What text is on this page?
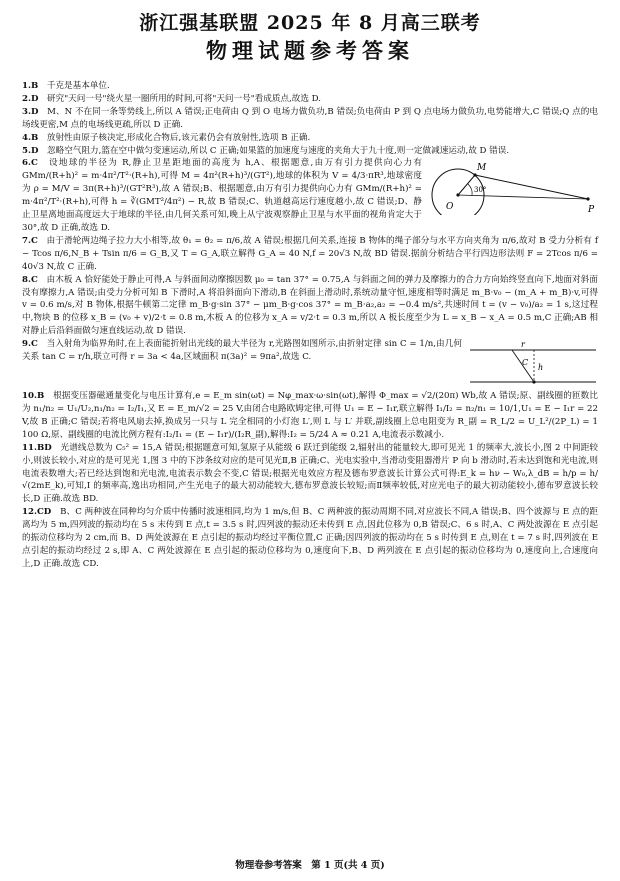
浙江强基联盟 2025 年 8 月高三联考
物理试题参考答案

1.B　 千克是基本单位.

2.D　 研究"天问一号"绕火星一圈所用的时间,可将"天问一号"看成质点,故选 D.

3.D　 M、N 不在同一条等势线上,所以 A 错误;正电荷由 Q 到 O 电场力做负功,B 错误;负电荷由 P 到 Q 点电场力做负功,电势能增大,C 错误;Q 点的电场线更密,M 点的电场线更疏,所以 D 正确.

4.B　 放射性由原子核决定,形成化合物后,该元素仍会有放射性,选项 B 正确.

5.D　 忽略空气阻力,篮在空中做匀变速运动,所以 C 正确;如果篮的加速度与速度的夹角大于九十度,则一定做减速运动,故 D 错误.

M
O	P
30°
6.C　 设地球的半径为 R,静止卫星距地面的高度为 h,A、根据题意,由万有引力提供向心力有 GMm/(R+h)² = m·4π²/T²·(R+h),可得 M = 4π²(R+h)³/(GT²),地球的体积为 V = 4/3·πR³,地球密度为 ρ = M/V = 3π(R+h)³/(GT²R³),故 A 错误;B、根据题意,由万有引力提供向心力有 GMm/(R+h)² = m·4π²/T²·(R+h),可得 h = ∛(GMT²/4π²) − R,故 B 错误;C、轨道越高运行速度越小,故 C 错误;D、静止卫星离地面高度远大于地球的半径,由几何关系可知,晚上从宁波观察静止卫星与水平面的视角肯定大于 30°,故 D 正确,故选 D.

7.C　 由于滑轮两边绳子拉力大小相等,故 θ₁ = θ₂ = π/6,故 A 错误;根据几何关系,连接 B 物体的绳子部分与水平方向夹角为 π/6,故对 B 受力分析有 f − Tcos π/6,N_B + Tsin π/6 = G_B,又 T = G_A,联立解得 G_A = 40 N,f = 20√3 N,故 BD 错误.据前分析结合平行四边形法则 F = 2Tcos π/6 = 40√3 N,故 C 正确.

8.C　 由木板 A 恰好能处于静止可得,A 与斜面间动摩擦因数 μ₀ = tan 37° = 0.75,A 与斜面之间的弹力及摩擦力的合力方向始终竖直向下,地面对斜面没有摩擦力,A 错误;由受力分析可知 B 下滑时,A 将沿斜面向下滑动,B 在斜面上滑动时,系统动量守恒,速度相等时满足 m_B·v₀ − (m_A + m_B)·v,可得 v = 0.6 m/s,对 B 物体,根据牛顿第二定律 m_B·g·sin 37° − μm_B·g·cos 37° = m_B·a₂,a₂ = −0.4 m/s²,共速时间 t = (v − v₀)/a₂ = 1 s,这过程中,物块 B 的位移 x_B = (v₀ + v)/2·t = 0.8 m,木板 A 的位移为 x_A = v/2·t = 0.3 m,所以 A 板长度至少为 L = x_B − x_A = 0.5 m,C 正确;AB 相对静止后沿斜面做匀速直线运动,故 D 错误.

r
C
h
9.C　 当入射角为临界角时,在上表面能折射出光线的最大半径为 r,光路图如图所示,由折射定律 sin C = 1/n,由几何关系 tan C = r/h,联立可得 r = 3a < 4a,区域面积 π(3a)² = 9πa²,故选 C.

10.B　 根据变压器磁通量变化与电压计算有,e = E_m sin(ωt) = Nφ_max·ω·sin(ωt),解得 Φ_max = √2/(20π) Wb,故 A 错误;原、副线圈的匝数比为 n₁/n₂ = U₁/U₂,n₁/n₂ = I₂/I₁,又 E = E_m/√2 = 25 V,由闭合电路欧姆定律,可得 U₁ = E − I₁r,联立解得 I₁/I₂ = n₂/n₁ = 10/1,U₁ = E − I₁r = 22 V,故 B 正确;C 错误;若将电风扇去掉,换成另一只与 L 完全相同的小灯泡 L′,则 L 与 L′ 并联,副线圈上总电阻变为 R_副 = R_L/2 = U_L²/(2P_L) = 1 100 Ω,原、副线圈的电流比例方程有:I₂/I₁ = (E − I₁r)/(I₂R_副),解得:I₂ = 5/24 A ≈ 0.21 A,电流表示数减小.

11.BD　 光谱线总数为 C₅² = 15,A 错误;根据题意可知,氢原子从能级 6 跃迁到能级 2,辐射出的能量较大,即可见光 1 的频率大,波长小,图 2 中间距较小,则波长较小,对应的是可见光 1,图 3 中的下涉条纹对应的是可见光Ⅱ,B 正确;C、光电实验中,当滑动变阻器滑片 P 向 b 滑动时,若未达到饱和光电流,则电流表数增大;若已经达到饱和光电流,电流表示数会不变,C 错误;根据光电效应方程及德布罗意波长计算公式可得:E_k = hν − W₀,λ_dB = h/p = h/√(2mE_k),可知,Ⅰ 的频率高,逸出功相同,产生光电子的最大初动能较大,德布罗意波长较短;而Ⅱ频率较低,对应光电子的最大初动能较小,德布罗意波长较长,D 正确.故选 BD.

12.CD　 B、C 两种波在同种均匀介质中传播时波速相同,均为 1 m/s,但 B、C 两种波的振动周期不同,对应波长不同,A 错误;B、四个波源与 E 点的距离均为 5 m,四列波的振动均在 5 s 末传到 E 点,t = 3.5 s 时,四列波的振动还未传到 E 点,因此位移为 0,B 错误;C、6 s 时,A、C 两处波源在 E 点引起的振动位移均为 2 cm,而 B、D 两处波源在 E 点引起的振动均经过平衡位置,C 正确;因四列波的振动均在 5 s 时传到 E 点,则在 t = 7 s 时,四列波在 E 点引起的振动均经过 2 s,即 A、C 两处波源在 E 点引起的振动位移均为 0,速度向下,B、D 两列波在 E 点引起的振动位移均为 0,速度向上,合速度向上,D 正确.故选 CD.

物理卷参考答案　第 1 页(共 4 页)
